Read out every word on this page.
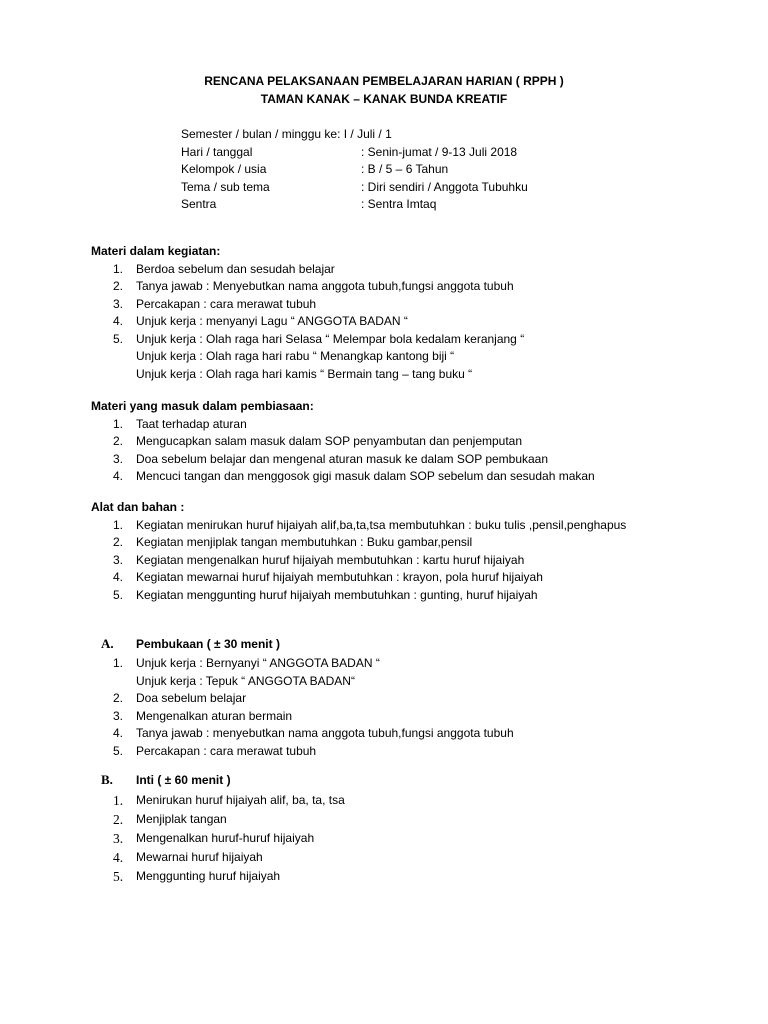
RENCANA PELAKSANAAN PEMBELAJARAN HARIAN ( RPPH )
TAMAN KANAK – KANAK BUNDA KREATIF
Semester / bulan / minggu ke: I / Juli / 1
Hari / tanggal	: Senin-jumat / 9-13 Juli 2018
Kelompok / usia	: B / 5 – 6 Tahun
Tema / sub tema	: Diri sendiri / Anggota Tubuhku
Sentra	: Sentra Imtaq
Materi dalam kegiatan:
1. Berdoa sebelum dan sesudah belajar
2. Tanya jawab : Menyebutkan nama anggota tubuh,fungsi anggota tubuh
3. Percakapan : cara merawat tubuh
4. Unjuk kerja : menyanyi Lagu “ ANGGOTA BADAN “
5. Unjuk kerja : Olah raga hari Selasa “ Melempar bola kedalam keranjang “
Unjuk kerja : Olah raga hari rabu “ Menangkap kantong biji “
Unjuk kerja : Olah raga hari kamis “ Bermain tang – tang buku “
Materi yang masuk dalam pembiasaan:
1. Taat terhadap aturan
2. Mengucapkan salam masuk dalam SOP penyambutan dan penjemputan
3. Doa sebelum belajar dan mengenal aturan masuk ke dalam SOP pembukaan
4. Mencuci tangan dan menggosok gigi masuk dalam SOP sebelum dan sesudah makan
Alat dan bahan :
1. Kegiatan menirukan huruf hijaiyah alif,ba,ta,tsa membutuhkan : buku tulis ,pensil,penghapus
2. Kegiatan menjiplak tangan membutuhkan : Buku gambar,pensil
3. Kegiatan mengenalkan huruf hijaiyah membutuhkan : kartu huruf hijaiyah
4. Kegiatan mewarnai huruf hijaiyah membutuhkan : krayon, pola huruf hijaiyah
5. Kegiatan menggunting huruf hijaiyah membutuhkan : gunting, huruf hijaiyah
A. Pembukaan ( ± 30 menit )
1. Unjuk kerja : Bernyanyi “ ANGGOTA BADAN “
Unjuk kerja : Tepuk “ ANGGOTA BADAN“
2. Doa sebelum belajar
3. Mengenalkan aturan bermain
4. Tanya jawab : menyebutkan nama anggota tubuh,fungsi anggota tubuh
5. Percakapan : cara merawat tubuh
B. Inti ( ± 60 menit )
1. Menirukan huruf hijaiyah alif, ba, ta, tsa
2. Menjiplak tangan
3. Mengenalkan huruf-huruf hijaiyah
4. Mewarnai huruf hijaiyah
5. Menggunting huruf hijaiyah
